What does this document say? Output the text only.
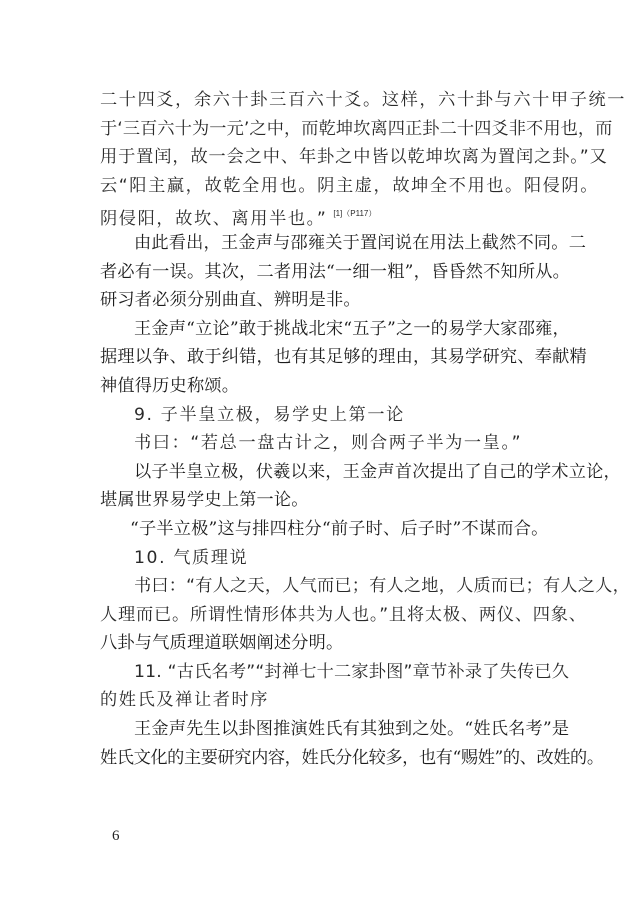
二十四爻，余六十卦三百六十爻。这样，六十卦与六十甲子统一
于‘三百六十为一元’之中，而乾坤坎离四正卦二十四爻非不用也，而
用于置闰，故一会之中、年卦之中皆以乾坤坎离为置闰之卦。”又
云“阳主赢，故乾全用也。阴主虚，故坤全不用也。阳侵阴。
阴侵阳，故坎、离用半也。” $^{[1](P117)}$
由此看出，王金声与邵雍关于置闰说在用法上截然不同。二
者必有一误。其次，二者用法“一细一粗”，昏昏然不知所从。
研习者必须分别曲直、辨明是非。
王金声“立论”敢于挑战北宋“五子”之一的易学大家邵雍，
据理以争、敢于纠错，也有其足够的理由，其易学研究、奉献精
神值得历史称颂。
9. 子半皇立极，易学史上第一论
书曰：“若总一盘古计之，则合两子半为一皇。”
以子半皇立极，伏羲以来，王金声首次提出了自己的学术立论，
堪属世界易学史上第一论。
“子半立极”这与排四柱分“前子时、后子时”不谋而合。
10. 气质理说
书曰：“有人之天，人气而已；有人之地，人质而已；有人之人，
人理而已。所谓性情形体共为人也。”且将太极、两仪、四象、
八卦与气质理道联姻阐述分明。
11. “古氏名考”“封禅七十二家卦图”章节补录了失传已久
的姓氏及禅让者时序
王金声先生以卦图推演姓氏有其独到之处。“姓氏名考”是
姓氏文化的主要研究内容，姓氏分化较多，也有“赐姓”的、改姓的。
6
